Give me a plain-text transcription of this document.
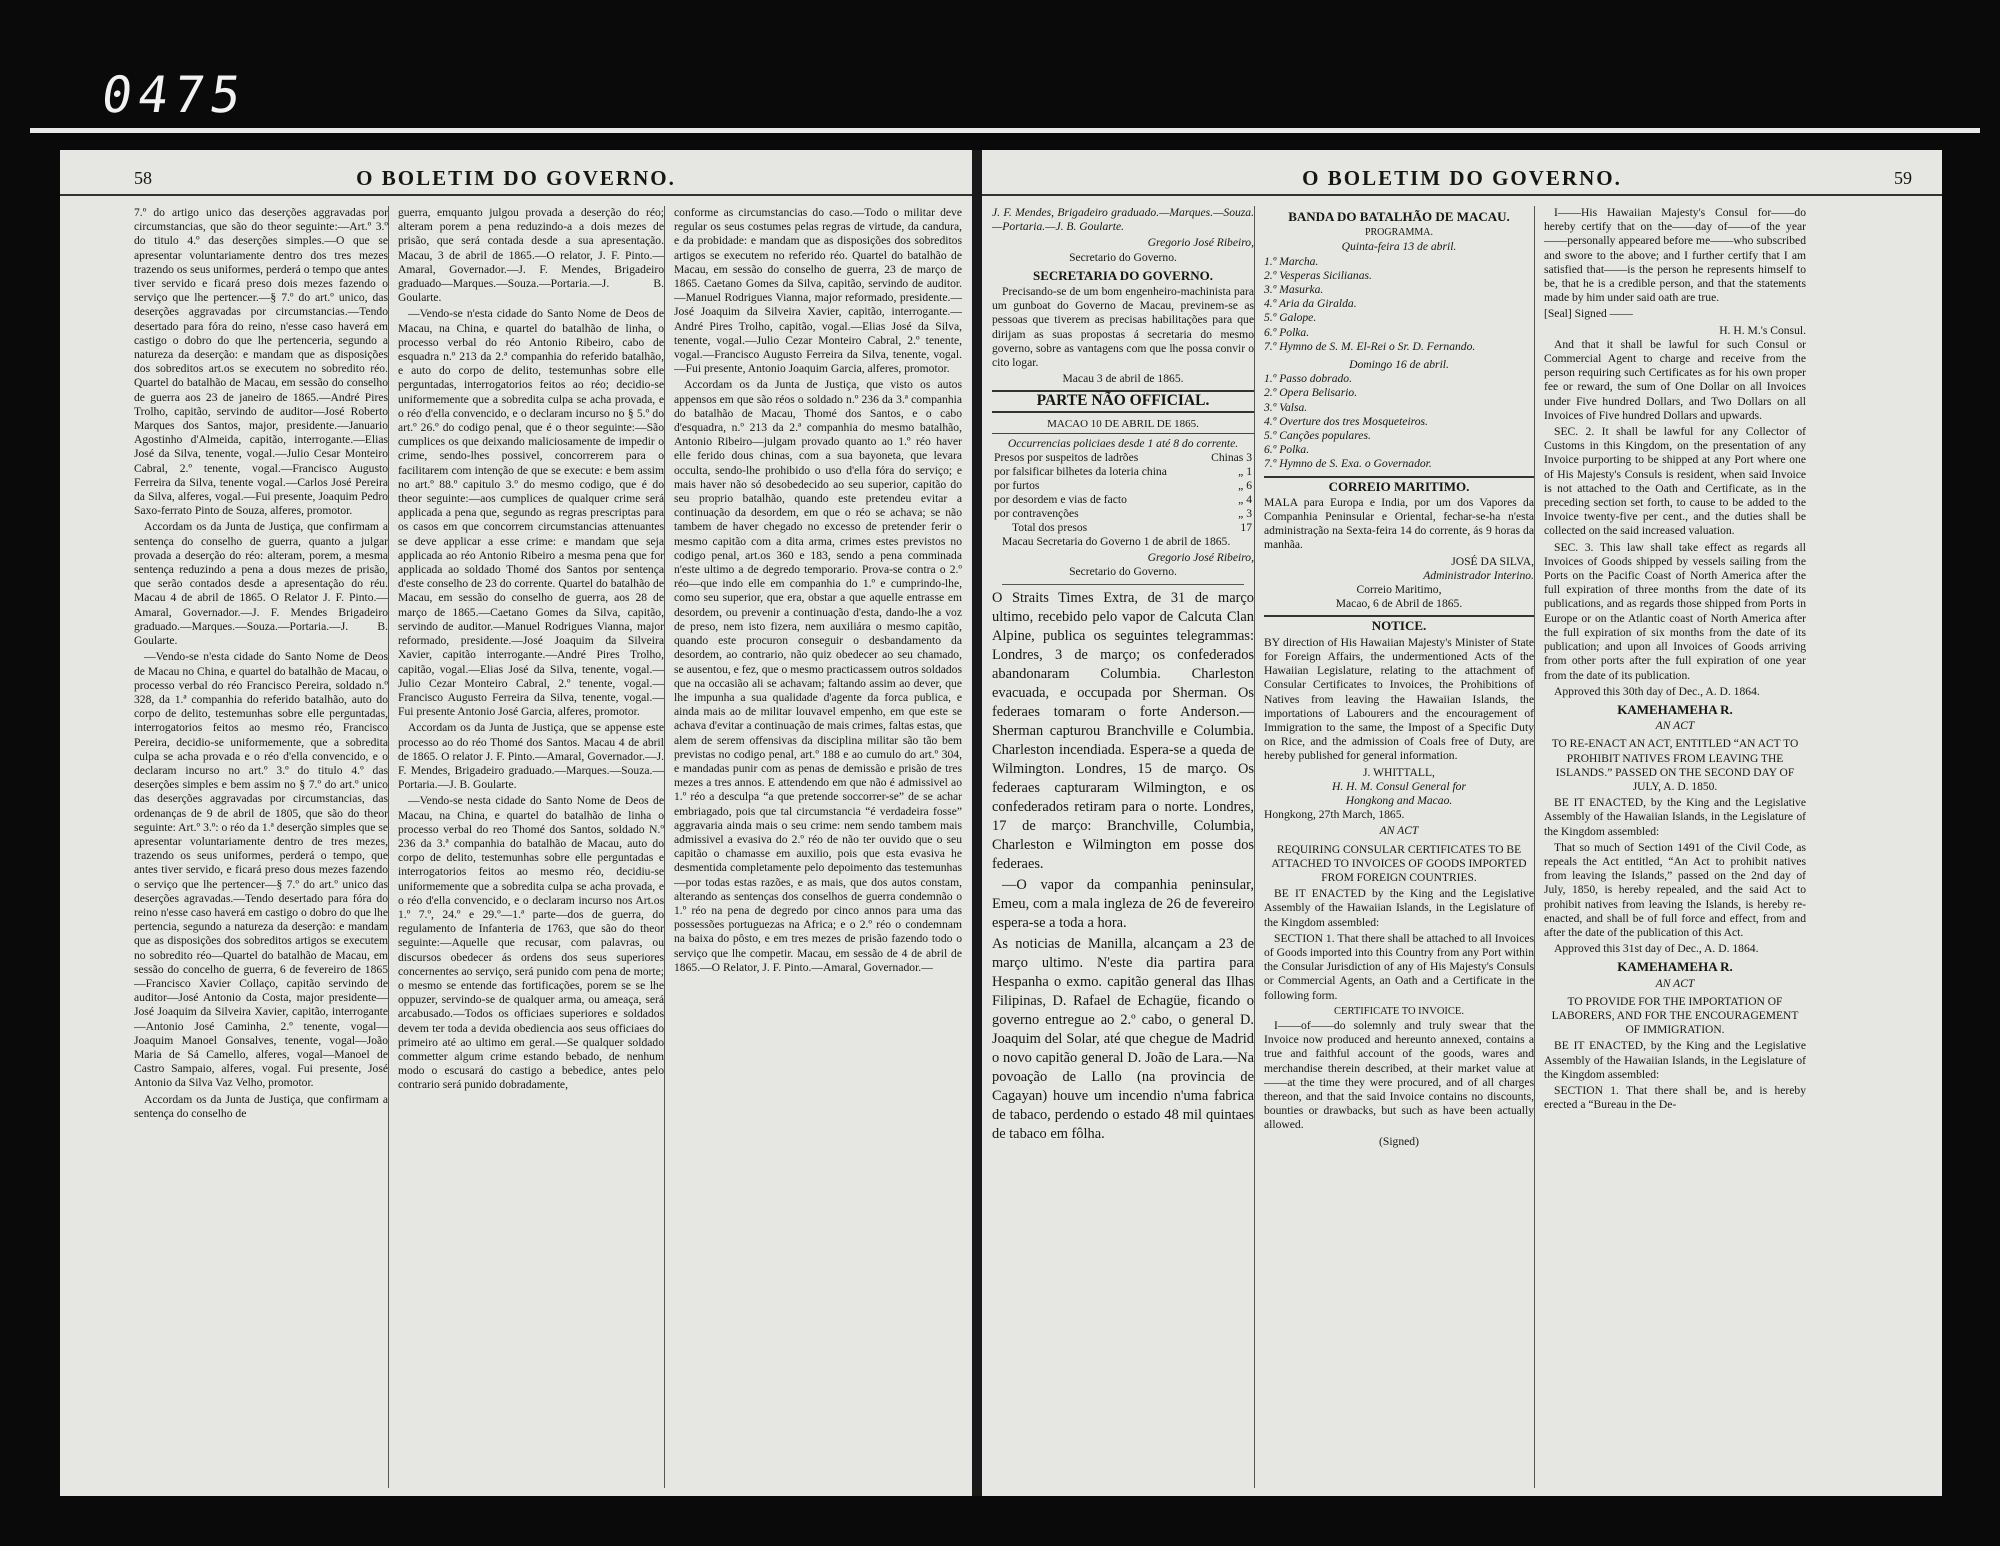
0475
58	O BOLETIM DO GOVERNO.

7.º do artigo unico das deserções aggravadas por circumstancias, que são do theor seguinte:—Art.º 3.º do titulo 4.º das deserções simples.—O que se apresentar voluntariamente dentro dos tres mezes trazendo os seus uniformes, perderá o tempo que antes tiver servido e ficará preso dois mezes fazendo o serviço que lhe pertencer.—§ 7.º do art.º unico, das deserções aggravadas por circumstancias.—Tendo desertado para fóra do reino, n'esse caso haverá em castigo o dobro do que lhe pertenceria, segundo a natureza da deserção: e mandam que as disposições dos sobreditos art.os se executem no sobredito réo. Quartel do batalhão de Macau, em sessão do conselho de guerra aos 23 de janeiro de 1865.—André Pires Trolho, capitão, servindo de auditor—José Roberto Marques dos Santos, major, presidente.—Januario Agostinho d'Almeida, capitão, interrogante.—Elias José da Silva, tenente, vogal.—Julio Cesar Monteiro Cabral, 2.º tenente, vogal.—Francisco Augusto Ferreira da Silva, tenente vogal.—Carlos José Pereira da Silva, alferes, vogal.—Fui presente, Joaquim Pedro Saxo-ferrato Pinto de Souza, alferes, promotor.

Accordam os da Junta de Justiça, que confirmam a sentença do conselho de guerra, quanto a julgar provada a deserção do réo: alteram, porem, a mesma sentença reduzindo a pena a dous mezes de prisão, que serão contados desde a apresentação do réu. Macau 4 de abril de 1865. O Relator J. F. Pinto.—Amaral, Governador.—J. F. Mendes Brigadeiro graduado.—Marques.—Souza.—Portaria.—J. B. Goularte.

—Vendo-se n'esta cidade do Santo Nome de Deos de Macau no China, e quartel do batalhão de Macau, o processo verbal do réo Francisco Pereira, soldado n.º 328, da 1.ª companhia do referido batalhão, auto do corpo de delito, testemunhas sobre elle perguntadas, interrogatorios feitos ao mesmo réo, Francisco Pereira, decidio-se uniformemente, que a sobredita culpa se acha provada e o réo d'ella convencido, e o declaram incurso no art.º 3.º do titulo 4.º das deserções simples e bem assim no § 7.º do art.º unico das deserções aggravadas por circumstancias, das ordenanças de 9 de abril de 1805, que são do theor seguinte: Art.º 3.º: o réo da 1.ª deserção simples que se apresentar voluntariamente dentro de tres mezes, trazendo os seus uniformes, perderá o tempo, que antes tiver servido, e ficará preso dous mezes fazendo o serviço que lhe pertencer—§ 7.º do art.º unico das deserções agravadas.—Tendo desertado para fóra do reino n'esse caso haverá em castigo o dobro do que lhe pertencia, segundo a natureza da deserção: e mandam que as disposições dos sobreditos artigos se executem no sobredito réo—Quartel do batalhão de Macau, em sessão do concelho de guerra, 6 de fevereiro de 1865—Francisco Xavier Collaço, capitão servindo de auditor—José Antonio da Costa, major presidente—José Joaquim da Silveira Xavier, capitão, interrogante—Antonio José Caminha, 2.º tenente, vogal—Joaquim Manoel Gonsalves, tenente, vogal—João Maria de Sá Camello, alferes, vogal—Manoel de Castro Sampaio, alferes, vogal. Fui presente, José Antonio da Silva Vaz Velho, promotor.

Accordam os da Junta de Justiça, que confirmam a sentença do conselho de

guerra, emquanto julgou provada a deserção do réo; alteram porem a pena reduzindo-a a dois mezes de prisão, que será contada desde a sua apresentação. Macau, 3 de abril de 1865.—O relator, J. F. Pinto.—Amaral, Governador.—J. F. Mendes, Brigadeiro graduado—Marques.—Souza.—Portaria.—J. B. Goularte.

—Vendo-se n'esta cidade do Santo Nome de Deos de Macau, na China, e quartel do batalhão de linha, o processo verbal do réo Antonio Ribeiro, cabo de esquadra n.º 213 da 2.ª companhia do referido batalhão, e auto do corpo de delito, testemunhas sobre elle perguntadas, interrogatorios feitos ao réo; decidio-se uniformemente que a sobredita culpa se acha provada, e o réo d'ella convencido, e o declaram incurso no § 5.º do art.º 26.º do codigo penal, que é o theor seguinte:—São cumplices os que deixando maliciosamente de impedir o crime, sendo-lhes possivel, concorrerem para o facilitarem com intenção de que se execute: e bem assim no art.º 88.º capitulo 3.º do mesmo codigo, que é do theor seguinte:—aos cumplices de qualquer crime será applicada a pena que, segundo as regras prescriptas para os casos em que concorrem circumstancias attenuantes se deve applicar a esse crime: e mandam que seja applicada ao réo Antonio Ribeiro a mesma pena que for applicada ao soldado Thomé dos Santos por sentença d'este conselho de 23 do corrente. Quartel do batalhão de Macau, em sessão do conselho de guerra, aos 28 de março de 1865.—Caetano Gomes da Silva, capitão, servindo de auditor.—Manuel Rodrigues Vianna, major reformado, presidente.—José Joaquim da Silveira Xavier, capitão interrogante.—André Pires Trolho, capitão, vogal.—Elias José da Silva, tenente, vogal.—Julio Cezar Monteiro Cabral, 2.º tenente, vogal.—Francisco Augusto Ferreira da Silva, tenente, vogal.—Fui presente Antonio José Garcia, alferes, promotor.

Accordam os da Junta de Justiça, que se appense este processo ao do réo Thomé dos Santos. Macau 4 de abril de 1865. O relator J. F. Pinto.—Amaral, Governador.—J. F. Mendes, Brigadeiro graduado.—Marques.—Souza.—Portaria.—J. B. Goularte.

—Vendo-se nesta cidade do Santo Nome de Deos de Macau, na China, e quartel do batalhão de linha o processo verbal do reo Thomé dos Santos, soldado N.º 236 da 3.ª companhia do batalhão de Macau, auto do corpo de delito, testemunhas sobre elle perguntadas e interrogatorios feitos ao mesmo réo, decidiu-se uniformemente que a sobredita culpa se acha provada, e o réo d'ella convencido, e o declaram incurso nos Art.os 1.º 7.º, 24.º e 29.º—1.ª parte—dos de guerra, do regulamento de Infanteria de 1763, que são do theor seguinte:—Aquelle que recusar, com palavras, ou discursos obedecer ás ordens dos seus superiores concernentes ao serviço, será punido com pena de morte; o mesmo se entende das fortificações, porem se se lhe oppuzer, servindo-se de qualquer arma, ou ameaça, será arcabusado.—Todos os officiaes superiores e soldados devem ter toda a devida obediencia aos seus officiaes do primeiro até ao ultimo em geral.—Se qualquer soldado commetter algum crime estando bebado, de nenhum modo o escusará do castigo a bebedice, antes pelo contrario será punido dobradamente,

conforme as circumstancias do caso.—Todo o militar deve regular os seus costumes pelas regras de virtude, da candura, e da probidade: e mandam que as disposições dos sobreditos artigos se executem no referido réo. Quartel do batalhão de Macau, em sessão do conselho de guerra, 23 de março de 1865. Caetano Gomes da Silva, capitão, servindo de auditor.—Manuel Rodrigues Vianna, major reformado, presidente.—José Joaquim da Silveira Xavier, capitão, interrogante.—André Pires Trolho, capitão, vogal.—Elias José da Silva, tenente, vogal.—Julio Cezar Monteiro Cabral, 2.º tenente, vogal.—Francisco Augusto Ferreira da Silva, tenente, vogal.—Fui presente, Antonio Joaquim Garcia, alferes, promotor.

Accordam os da Junta de Justiça, que visto os autos appensos em que são réos o soldado n.º 236 da 3.ª companhia do batalhão de Macau, Thomé dos Santos, e o cabo d'esquadra, n.º 213 da 2.ª companhia do mesmo batalhão, Antonio Ribeiro—julgam provado quanto ao 1.º réo haver elle ferido dous chinas, com a sua bayoneta, que levara occulta, sendo-lhe prohibido o uso d'ella fóra do serviço; e mais haver não só desobedecido ao seu superior, capitão do seu proprio batalhão, quando este pretendeu evitar a continuação da desordem, em que o réo se achava; se não tambem de haver chegado no excesso de pretender ferir o mesmo capitão com a dita arma, crimes estes previstos no codigo penal, art.os 360 e 183, sendo a pena comminada n'este ultimo a de degredo temporario. Prova-se contra o 2.º réo—que indo elle em companhia do 1.º e cumprindo-lhe, como seu superior, que era, obstar a que aquelle entrasse em desordem, ou prevenir a continuação d'esta, dando-lhe a voz de preso, nem isto fizera, nem auxiliára o mesmo capitão, quando este procuron conseguir o desbandamento da desordem, ao contrario, não quiz obedecer ao seu chamado, se ausentou, e fez, que o mesmo practicassem outros soldados que na occasião ali se achavam; faltando assim ao dever, que lhe impunha a sua qualidade d'agente da forca publica, e ainda mais ao de militar louvavel empenho, em que este se achava d'evitar a continuação de mais crimes, faltas estas, que alem de serem offensivas da disciplina militar são tão bem previstas no codigo penal, art.º 188 e ao cumulo do art.º 304, e mandadas punir com as penas de demissão e prisão de tres mezes a tres annos. E attendendo em que não é admissivel ao 1.º réo a desculpa “a que pretende soccorrer-se” de se achar embriagado, pois que tal circumstancia “é verdadeira fosse” aggravaria ainda mais o seu crime: nem sendo tambem mais admissivel a evasiva do 2.º réo de não ter ouvido que o seu capitão o chamasse em auxilio, pois que esta evasiva he desmentida completamente pelo depoimento das testemunhas—por todas estas razões, e as mais, que dos autos constam, alterando as sentenças dos conselhos de guerra condemnão o 1.º réo na pena de degredo por cinco annos para uma das possessões portuguezas na Africa; e o 2.º réo o condemnam na baixa do pôsto, e em tres mezes de prisão fazendo todo o serviço que lhe competir. Macau, em sessão de 4 de abril de 1865.—O Relator, J. F. Pinto.—Amaral, Governador.—

O BOLETIM DO GOVERNO.	59

J. F. Mendes, Brigadeiro graduado.—Marques.—Souza.—Portaria.—J. B. Goularte.

Gregorio José Ribeiro,
Secretario do Governo.
SECRETARIA DO GOVERNO.

Precisando-se de um bom engenheiro-machinista para um gunboat do Governo de Macau, previnem-se as pessoas que tiverem as precisas habilitações para que dirijam as suas propostas á secretaria do mesmo governo, sobre as vantagens com que lhe possa convir o cito logar.

Macau 3 de abril de 1865.
PARTE NÃO OFFICIAL.
MACAO 10 DE ABRIL DE 1865.
Occurrencias policiaes desde 1 até 8 do corrente.
Presos por suspeitos de ladrões	Chinas 3
por falsificar bilhetes da loteria china	„ 1
por furtos	„ 6
por desordem e vias de facto	„ 4
por contravenções	„ 3
Total dos presos	17

Macau Secretaria do Governo 1 de abril de 1865.

Gregorio José Ribeiro,
Secretario do Governo.

O Straits Times Extra, de 31 de março ultimo, recebido pelo vapor de Calcuta Clan Alpine, publica os seguintes telegrammas: Londres, 3 de março; os confederados abandonaram Columbia. Charleston evacuada, e occupada por Sherman. Os federaes tomaram o forte Anderson.—Sherman capturou Branchville e Columbia. Charleston incendiada. Espera-se a queda de Wilmington. Londres, 15 de março. Os federaes capturaram Wilmington, e os confederados retiram para o norte. Londres, 17 de março: Branchville, Columbia, Charleston e Wilmington em posse dos federaes.

—O vapor da companhia peninsular, Emeu, com a mala ingleza de 26 de fevereiro espera-se a toda a hora.

As noticias de Manilla, alcançam a 23 de março ultimo. N'este dia partira para Hespanha o exmo. capitão general das Ilhas Filipinas, D. Rafael de Echagüe, ficando o governo entregue ao 2.º cabo, o general D. Joaquim del Solar, até que chegue de Madrid o novo capitão general D. João de Lara.—Na povoação de Lallo (na provincia de Cagayan) houve um incendio n'uma fabrica de tabaco, perdendo o estado 48 mil quintaes de tabaco em fôlha.

BANDA DO BATALHÃO DE MACAU.
PROGRAMMA.
Quinta-feira 13 de abril.
1.º Marcha.
2.º Vesperas Sicilianas.
3.º Masurka.
4.º Aria da Giralda.
5.º Galope.
6.º Polka.
7.º Hymno de S. M. El-Rei o Sr. D. Fernando.
Domingo 16 de abril.
1.º Passo dobrado.
2.º Opera Belisario.
3.º Valsa.
4.º Overture dos tres Mosqueteiros.
5.º Canções populares.
6.º Polka.
7.º Hymno de S. Exa. o Governador.
CORREIO MARITIMO.

MALA para Europa e India, por um dos Vapores da Companhia Peninsular e Oriental, fechar-se-ha n'esta administração na Sexta-feira 14 do corrente, ás 9 horas da manhãa.

JOSÉ DA SILVA,
Administrador Interino.
Correio Maritimo,
Macao, 6 de Abril de 1865.
NOTICE.

BY direction of His Hawaiian Majesty's Minister of State for Foreign Affairs, the undermentioned Acts of the Hawaiian Legislature, relating to the attachment of Consular Certificates to Invoices, the Prohibitions of Natives from leaving the Hawaiian Islands, the importations of Labourers and the encouragement of Immigration to the same, the Impost of a Specific Duty on Rice, and the admission of Coals free of Duty, are hereby published for general information.

J. WHITTALL,
H. H. M. Consul General for
Hongkong and Macao.

Hongkong, 27th March, 1865.

AN ACT
REQUIRING CONSULAR CERTIFICATES TO BE ATTACHED TO INVOICES OF GOODS IMPORTED FROM FOREIGN COUNTRIES.

BE IT ENACTED by the King and the Legislative Assembly of the Hawaiian Islands, in the Legislature of the Kingdom assembled:

SECTION 1. That there shall be attached to all Invoices of Goods imported into this Country from any Port within the Consular Jurisdiction of any of His Majesty's Consuls or Commercial Agents, an Oath and a Certificate in the following form.

CERTIFICATE TO INVOICE.

I——of——do solemnly and truly swear that the Invoice now produced and hereunto annexed, contains a true and faithful account of the goods, wares and merchandise therein described, at their market value at——at the time they were procured, and of all charges thereon, and that the said Invoice contains no discounts, bounties or drawbacks, but such as have been actually allowed.

(Signed)

I——His Hawaiian Majesty's Consul for——do hereby certify that on the——day of——of the year——personally appeared before me——who subscribed and swore to the above; and I further certify that I am satisfied that——is the person he represents himself to be, that he is a credible person, and that the statements made by him under said oath are true.

[Seal] Signed ——

H. H. M.'s Consul.

And that it shall be lawful for such Consul or Commercial Agent to charge and receive from the person requiring such Certificates as for his own proper fee or reward, the sum of One Dollar on all Invoices under Five hundred Dollars, and Two Dollars on all Invoices of Five hundred Dollars and upwards.

SEC. 2. It shall be lawful for any Collector of Customs in this Kingdom, on the presentation of any Invoice purporting to be shipped at any Port where one of His Majesty's Consuls is resident, when said Invoice is not attached to the Oath and Certificate, as in the preceding section set forth, to cause to be added to the Invoice twenty-five per cent., and the duties shall be collected on the said increased valuation.

SEC. 3. This law shall take effect as regards all Invoices of Goods shipped by vessels sailing from the Ports on the Pacific Coast of North America after the full expiration of three months from the date of its publications, and as regards those shipped from Ports in Europe or on the Atlantic coast of North America after the full expiration of six months from the date of its publication; and upon all Invoices of Goods arriving from other ports after the full expiration of one year from the date of its publication.

Approved this 30th day of Dec., A. D. 1864.

KAMEHAMEHA R.
AN ACT
TO RE-ENACT AN ACT, ENTITLED “AN ACT TO PROHIBIT NATIVES FROM LEAVING THE ISLANDS.” PASSED ON THE SECOND DAY OF JULY, A. D. 1850.

BE IT ENACTED, by the King and the Legislative Assembly of the Hawaiian Islands, in the Legislature of the Kingdom assembled:

That so much of Section 1491 of the Civil Code, as repeals the Act entitled, “An Act to prohibit natives from leaving the Islands,” passed on the 2nd day of July, 1850, is hereby repealed, and the said Act to prohibit natives from leaving the Islands, is hereby re-enacted, and shall be of full force and effect, from and after the date of the publication of this Act.

Approved this 31st day of Dec., A. D. 1864.

KAMEHAMEHA R.
AN ACT
TO PROVIDE FOR THE IMPORTATION OF LABORERS, AND FOR THE ENCOURAGEMENT OF IMMIGRATION.

BE IT ENACTED, by the King and the Legislative Assembly of the Hawaiian Islands, in the Legislature of the Kingdom assembled:

SECTION 1. That there shall be, and is hereby erected a “Bureau in the De-
